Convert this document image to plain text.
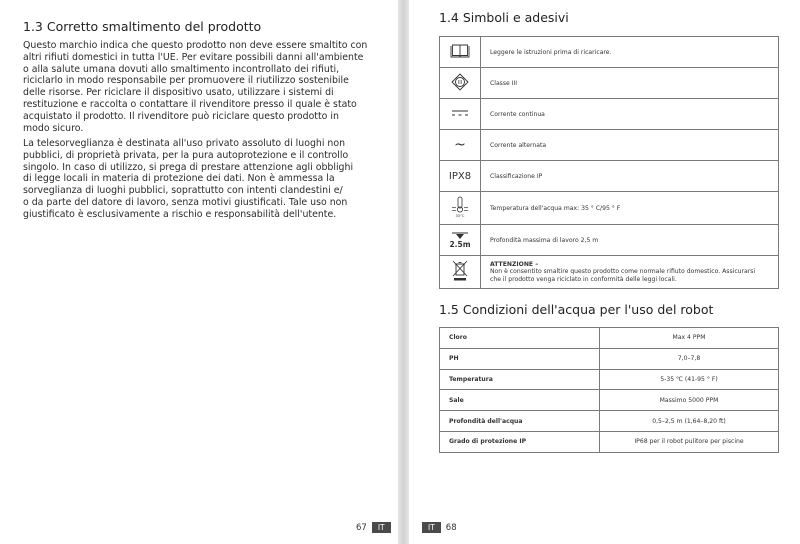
1.3 Corretto smaltimento del prodotto

Questo marchio indica che questo prodotto non deve essere smaltito con
altri rifiuti domestici in tutta l'UE. Per evitare possibili danni all'ambiente
o alla salute umana dovuti allo smaltimento incontrollato dei rifiuti,
riciclarlo in modo responsabile per promuovere il riutilizzo sostenibile
delle risorse. Per riciclare il dispositivo usato, utilizzare i sistemi di
restituzione e raccolta o contattare il rivenditore presso il quale è stato
acquistato il prodotto. Il rivenditore può riciclare questo prodotto in
modo sicuro.

La telesorveglianza è destinata all'uso privato assoluto di luoghi non
pubblici, di proprietà privata, per la pura autoprotezione e il controllo
singolo. In caso di utilizzo, si prega di prestare attenzione agli obblighi
di legge locali in materia di protezione dei dati. Non è ammessa la
sorveglianza di luoghi pubblici, soprattutto con intenti clandestini e/
o da parte del datore di lavoro, senza motivi giustificati. Tale uso non
giustificato è esclusivamente a rischio e responsabilità dell'utente.

67	IT
1.4 Simboli e adesivi
	Leggere le istruzioni prima di ricaricare.

III	Classe III
	Corrente continua
~	Corrente alternata
IPX8	Classificazione IP

35°C	Temperatura dell'acqua max: 35 ° C/95 ° F

2.5m	Profondità massima di lavoro 2,5 m

ATTENZIONE –
Non è consentito smaltire questo prodotto come normale rifiuto domestico. Assicurarsi
che il prodotto venga riciclato in conformità delle leggi locali.
1.5 Condizioni dell'acqua per l'uso del robot
Cloro	Max 4 PPM
PH	7,0–7,8
Temperatura	5-35 ℃ (41-95 ° F)
Sale	Massimo 5000 PPM
Profondità dell'acqua	0,5–2,5 m (1,64–8,20 ft)
Grado di protezione IP	IP68 per il robot pulitore per piscine
IT	68
